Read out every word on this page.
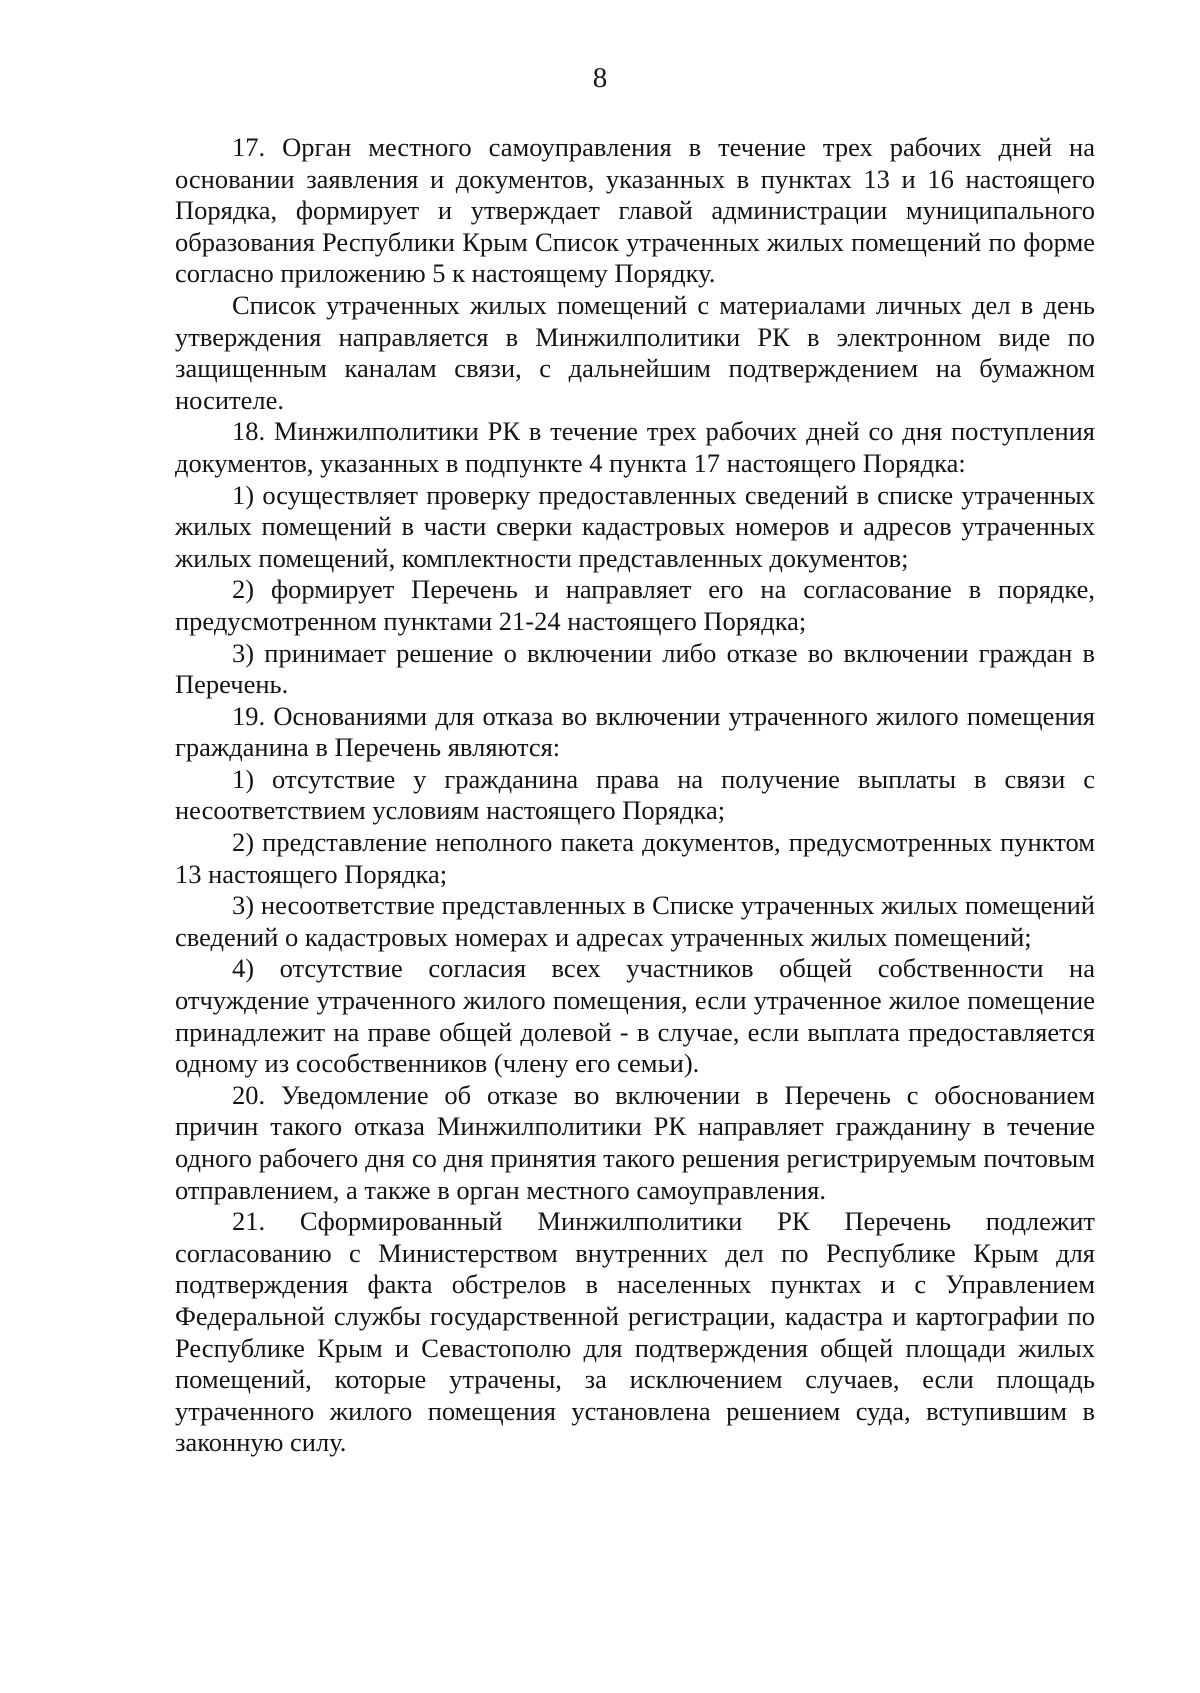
8

17. Орган местного самоуправления в течение трех рабочих дней на основании заявления и документов, указанных в пунктах 13 и 16 настоящего Порядка, формирует и утверждает главой администрации муниципального образования Республики Крым Список утраченных жилых помещений по форме согласно приложению 5 к настоящему Порядку.

Список утраченных жилых помещений с материалами личных дел в день утверждения направляется в Минжилполитики РК в электронном виде по защищенным каналам связи, с дальнейшим подтверждением на бумажном носителе.

18. Минжилполитики РК в течение трех рабочих дней со дня поступления документов, указанных в подпункте 4 пункта 17 настоящего Порядка:

1) осуществляет проверку предоставленных сведений в списке утраченных жилых помещений в части сверки кадастровых номеров и адресов утраченных жилых помещений, комплектности представленных документов;

2) формирует Перечень и направляет его на согласование в порядке, предусмотренном пунктами 21-24 настоящего Порядка;

3) принимает решение о включении либо отказе во включении граждан в Перечень.

19. Основаниями для отказа во включении утраченного жилого помещения гражданина в Перечень являются:

1) отсутствие у гражданина права на получение выплаты в связи с несоответствием условиям настоящего Порядка;

2) представление неполного пакета документов, предусмотренных пунктом 13 настоящего Порядка;

3) несоответствие представленных в Списке утраченных жилых помещений сведений о кадастровых номерах и адресах утраченных жилых помещений;

4) отсутствие согласия всех участников общей собственности на отчуждение утраченного жилого помещения, если утраченное жилое помещение принадлежит на праве общей долевой - в случае, если выплата предоставляется одному из сособственников (члену его семьи).

20. Уведомление об отказе во включении в Перечень с обоснованием причин такого отказа Минжилполитики РК направляет гражданину в течение одного рабочего дня со дня принятия такого решения регистрируемым почтовым отправлением, а также в орган местного самоуправления.

21. Сформированный Минжилполитики РК Перечень подлежит согласованию с Министерством внутренних дел по Республике Крым для подтверждения факта обстрелов в населенных пунктах и с Управлением Федеральной службы государственной регистрации, кадастра и картографии по Республике Крым и Севастополю для подтверждения общей площади жилых помещений, которые утрачены, за исключением случаев, если площадь утраченного жилого помещения установлена решением суда, вступившим в законную силу.
